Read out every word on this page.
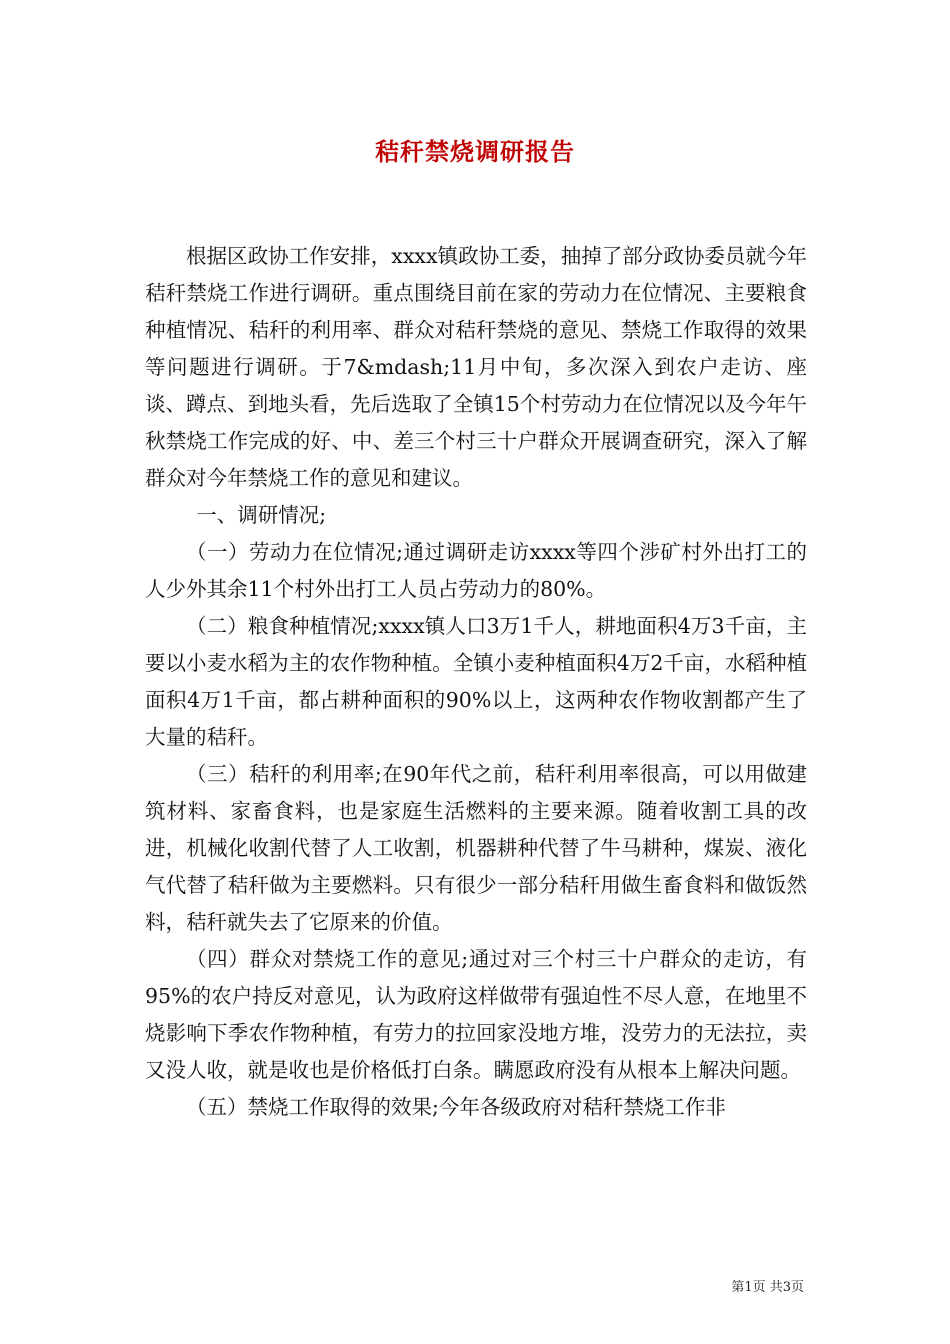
秸秆禁烧调研报告

根据区政协工作安排，xxxx镇政协工委，抽掉了部分政协委员就今年秸秆禁烧工作进行调研。重点围绕目前在家的劳动力在位情况、主要粮食种植情况、秸秆的利用率、群众对秸秆禁烧的意见、禁烧工作取得的效果等问题进行调研。于7&mdash;11月中旬，多次深入到农户走访、座谈、蹲点、到地头看，先后选取了全镇15个村劳动力在位情况以及今年午秋禁烧工作完成的好、中、差三个村三十户群众开展调查研究，深入了解群众对今年禁烧工作的意见和建议。

一、调研情况;

（一）劳动力在位情况;通过调研走访xxxx等四个涉矿村外出打工的人少外其余11个村外出打工人员占劳动力的80%。

（二）粮食种植情况;xxxx镇人口3万1千人，耕地面积4万3千亩，主要以小麦水稻为主的农作物种植。全镇小麦种植面积4万2千亩，水稻种植面积4万1千亩，都占耕种面积的90%以上，这两种农作物收割都产生了大量的秸秆。

（三）秸秆的利用率;在90年代之前，秸秆利用率很高，可以用做建筑材料、家畜食料，也是家庭生活燃料的主要来源。随着收割工具的改进，机械化收割代替了人工收割，机器耕种代替了牛马耕种，煤炭、液化气代替了秸秆做为主要燃料。只有很少一部分秸秆用做生畜食料和做饭然料，秸秆就失去了它原来的价值。

（四）群众对禁烧工作的意见;通过对三个村三十户群众的走访，有95%的农户持反对意见，认为政府这样做带有强迫性不尽人意，在地里不烧影响下季农作物种植，有劳力的拉回家没地方堆，没劳力的无法拉，卖又没人收，就是收也是价格低打白条。瞒愿政府没有从根本上解决问题。

（五）禁烧工作取得的效果;今年各级政府对秸秆禁烧工作非

第1页 共3页
